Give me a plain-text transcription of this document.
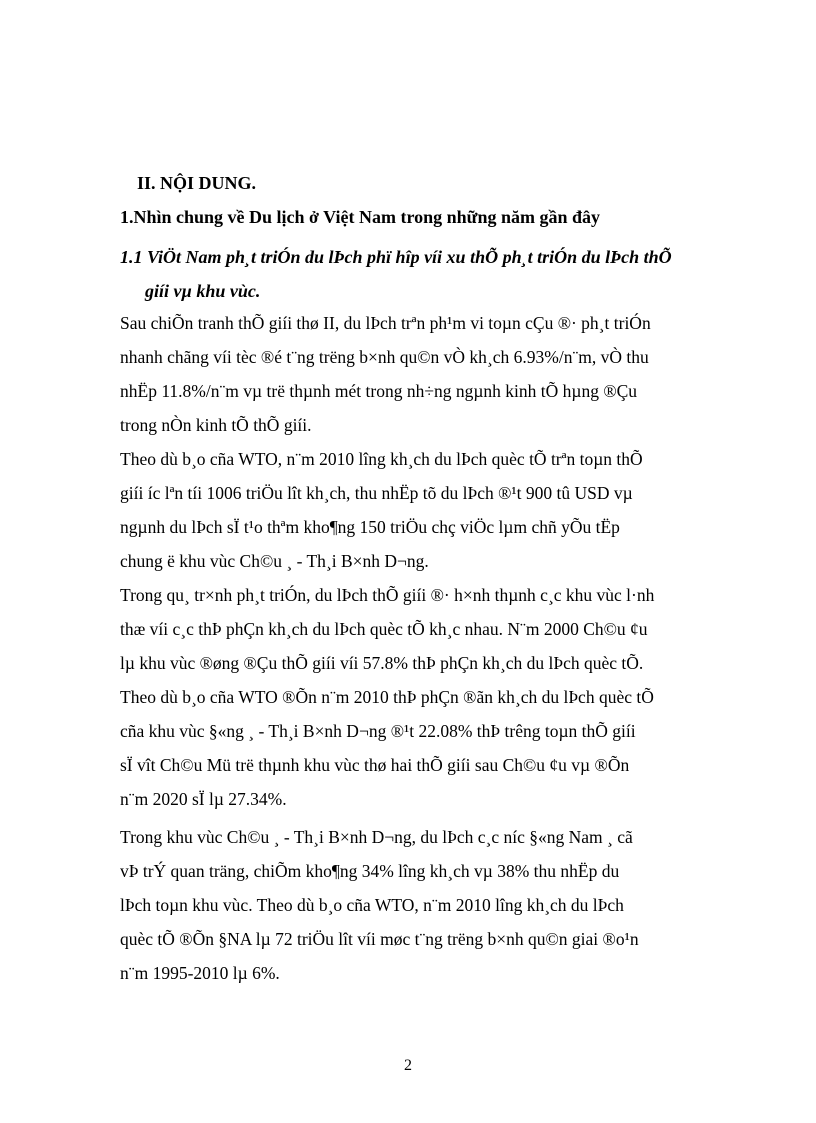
II. NỘI DUNG.
1.Nhìn chung về Du lịch ở Việt Nam trong những năm gần đây
1.1 ViÖt Nam ph¸t triÓn du lÞch phï hîp víi xu thÕ ph¸t triÓn du lÞch thÕ
giíi vµ khu vùc.
Sau chiÕn tranh thÕ giíi thø II, du lÞch trªn ph¹m vi toµn cÇu ®· ph¸t triÓn
nhanh chãng víi tèc ®é t¨ng trëng b×nh qu©n vÒ kh¸ch 6.93%/n¨m, vÒ thu
nhËp 11.8%/n¨m vµ trë thµnh mét trong nh÷ng ngµnh kinh tÕ hµng ®Çu
trong nÒn kinh tÕ thÕ giíi.
Theo dù b¸o cña WTO, n¨m 2010 lîng kh¸ch du lÞch quèc tÕ trªn toµn thÕ
giíi íc lªn tíi 1006 triÖu lît kh¸ch, thu nhËp tõ du lÞch ®¹t 900 tû USD vµ
ngµnh du lÞch sÏ t¹o thªm kho¶ng 150 triÖu chç viÖc lµm chñ yÕu tËp
chung ë khu vùc Ch©u ¸ - Th¸i B×nh D¬ng.
Trong qu¸ tr×nh ph¸t triÓn, du lÞch thÕ giíi ®· h×nh thµnh c¸c khu vùc l·nh
thæ víi c¸c thÞ phÇn kh¸ch du lÞch quèc tÕ kh¸c nhau. N¨m 2000 Ch©u ¢u
lµ khu vùc ®øng ®Çu thÕ giíi víi 57.8% thÞ phÇn kh¸ch du lÞch quèc tÕ.
Theo dù b¸o cña WTO ®Õn n¨m 2010 thÞ phÇn ®ãn kh¸ch du lÞch quèc tÕ
cña khu vùc §«ng ¸ - Th¸i B×nh D¬ng ®¹t 22.08% thÞ trêng toµn thÕ giíi
sÏ vît Ch©u Mü trë thµnh khu vùc thø hai thÕ giíi sau Ch©u ¢u vµ ®Õn
n¨m 2020 sÏ lµ 27.34%.
Trong khu vùc Ch©u ¸ - Th¸i B×nh D¬ng, du lÞch c¸c níc §«ng Nam ¸ cã
vÞ trÝ quan träng, chiÕm kho¶ng 34% lîng kh¸ch vµ 38% thu nhËp du
lÞch toµn khu vùc. Theo dù b¸o cña WTO, n¨m 2010 lîng kh¸ch du lÞch
quèc tÕ ®Õn §NA lµ 72 triÖu lît víi møc t¨ng trëng b×nh qu©n giai ®o¹n
n¨m 1995-2010 lµ 6%.
2
